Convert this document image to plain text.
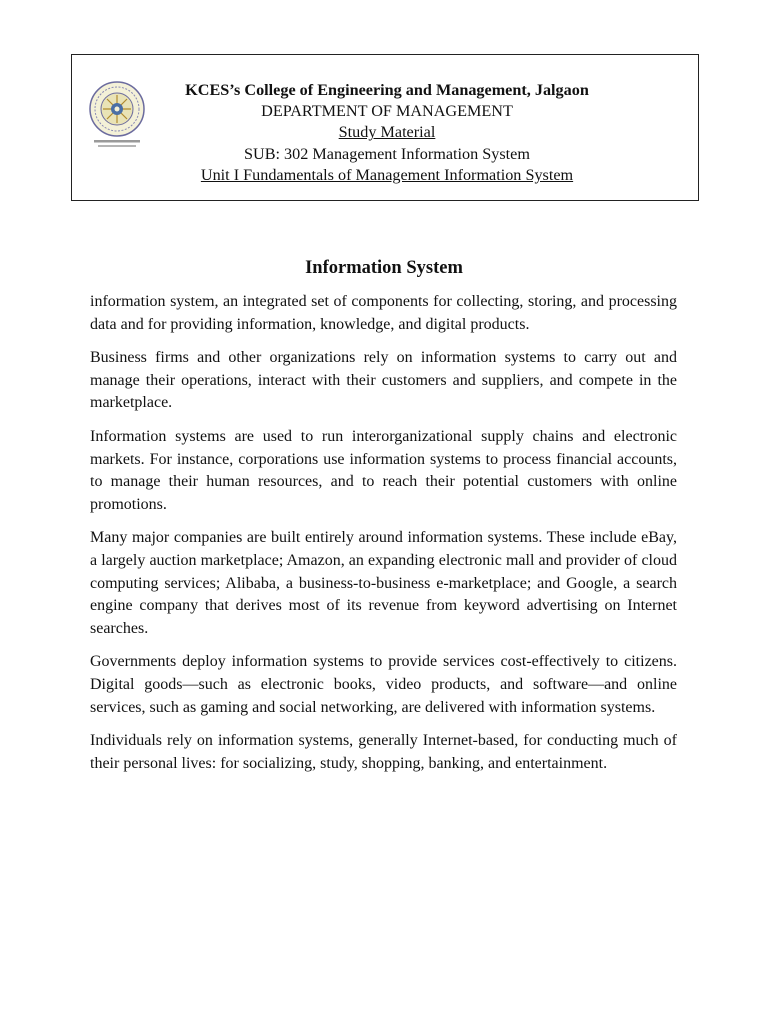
KCES’s College of Engineering and Management, Jalgaon
DEPARTMENT OF MANAGEMENT
Study Material
SUB: 302 Management Information System
Unit I Fundamentals of Management Information System
Information System

information system, an integrated set of components for collecting, storing, and processing data and for providing information, knowledge, and digital products.

Business firms and other organizations rely on information systems to carry out and manage their operations, interact with their customers and suppliers, and compete in the marketplace.

Information systems are used to run interorganizational supply chains and electronic markets. For instance, corporations use information systems to process financial accounts, to manage their human resources, and to reach their potential customers with online promotions.

Many major companies are built entirely around information systems. These include eBay, a largely auction marketplace; Amazon, an expanding electronic mall and provider of cloud computing services; Alibaba, a business-to-business e-marketplace; and Google, a search engine company that derives most of its revenue from keyword advertising on Internet searches.

Governments deploy information systems to provide services cost-effectively to citizens. Digital goods—such as electronic books, video products, and software—and online services, such as gaming and social networking, are delivered with information systems.

Individuals rely on information systems, generally Internet-based, for conducting much of their personal lives: for socializing, study, shopping, banking, and entertainment.
